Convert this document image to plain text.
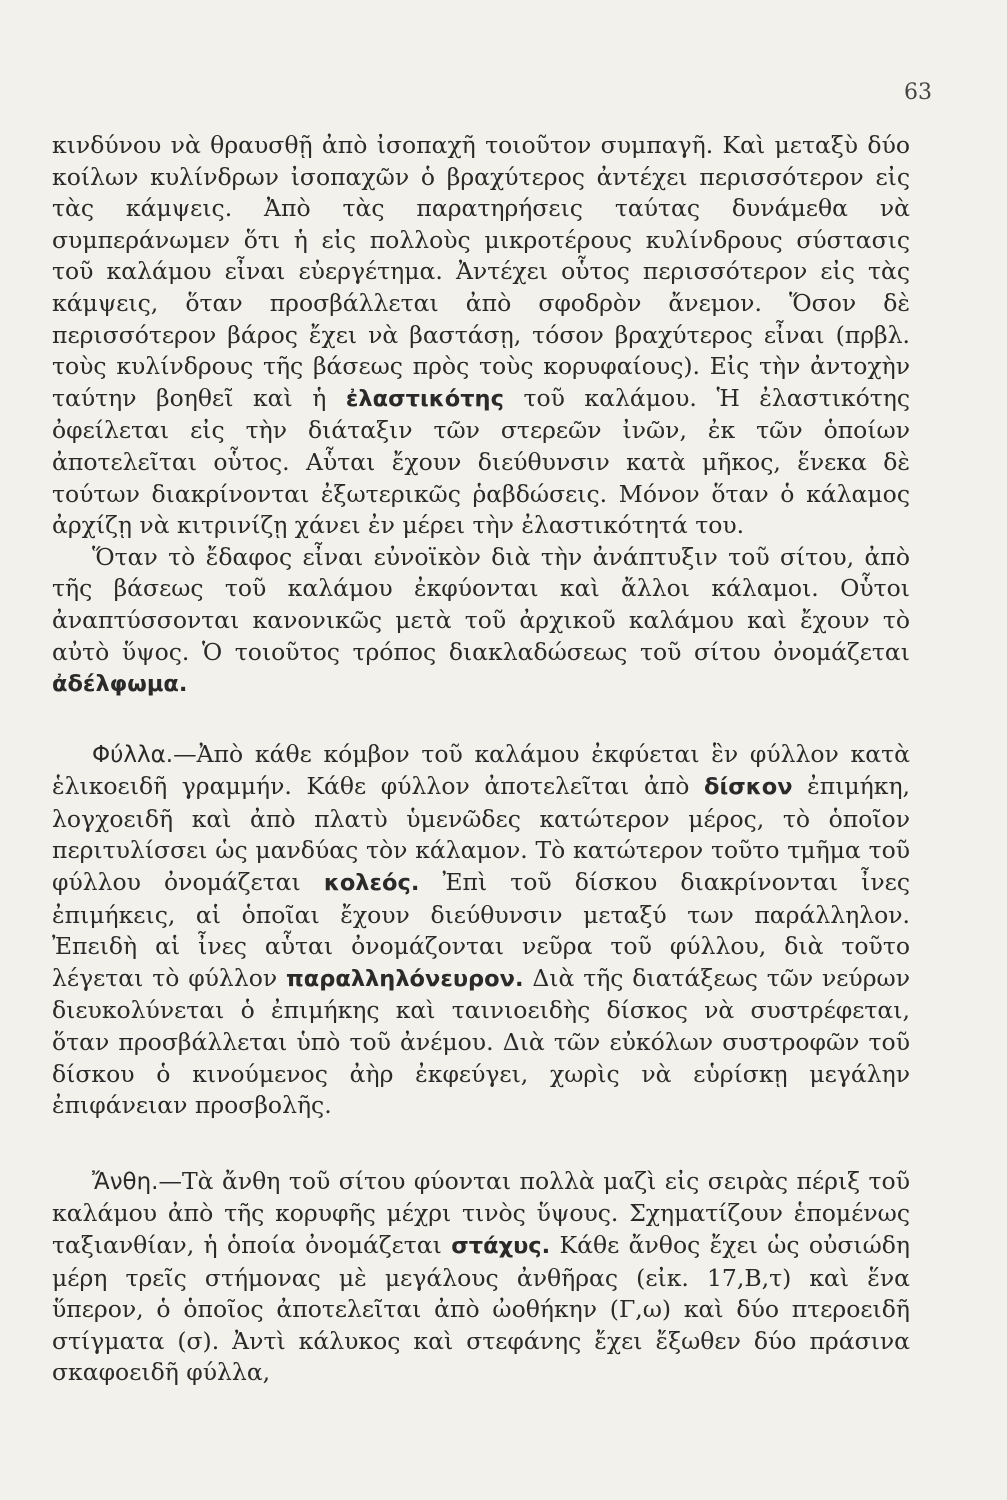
63

κινδύνου νὰ θραυσθῇ ἀπὸ ἰσοπαχῆ τοιοῦτον συμπαγῆ. Καὶ μεταξὺ δύο κοίλων κυλίνδρων ἰσοπαχῶν ὁ βραχύτερος ἀντέχει περισσότερον εἰς τὰς κάμψεις. Ἀπὸ τὰς παρατηρήσεις ταύτας δυνάμεθα νὰ συμπεράνωμεν ὅτι ἡ εἰς πολλοὺς μικροτέρους κυλίνδρους σύστασις τοῦ καλάμου εἶναι εὐεργέτημα. Ἀντέχει οὗτος περισσότερον εἰς τὰς κάμψεις, ὅταν προσβάλλεται ἀπὸ σφοδρὸν ἄνεμον. Ὅσον δὲ περισσότερον βάρος ἔχει νὰ βαστάσῃ, τόσον βραχύτερος εἶναι (πρβλ. τοὺς κυλίνδρους τῆς βάσεως πρὸς τοὺς κορυφαίους). Εἰς τὴν ἀντοχὴν ταύτην βοηθεῖ καὶ ἡ ἐλαστικότης τοῦ καλάμου. Ἡ ἐλαστικότης ὀφείλεται εἰς τὴν διάταξιν τῶν στερεῶν ἰνῶν, ἐκ τῶν ὁποίων ἀποτελεῖται οὗτος. Αὗται ἔχουν διεύθυνσιν κατὰ μῆκος, ἕνεκα δὲ τούτων διακρίνονται ἐξωτερικῶς ῥαβδώσεις. Μόνον ὅταν ὁ κάλαμος ἀρχίζῃ νὰ κιτρινίζῃ χάνει ἐν μέρει τὴν ἐλαστικότητά του.

Ὅταν τὸ ἔδαφος εἶναι εὐνοϊκὸν διὰ τὴν ἀνάπτυξιν τοῦ σίτου, ἀπὸ τῆς βάσεως τοῦ καλάμου ἐκφύονται καὶ ἄλλοι κάλαμοι. Οὗτοι ἀναπτύσσονται κανονικῶς μετὰ τοῦ ἀρχικοῦ καλάμου καὶ ἔχουν τὸ αὐτὸ ὕψος. Ὁ τοιοῦτος τρόπος διακλαδώσεως τοῦ σίτου ὀνομάζεται ἀδέλφωμα.

Φύλλα.—Ἀπὸ κάθε κόμβον τοῦ καλάμου ἐκφύεται ἓν φύλλον κατὰ ἑλικοειδῆ γραμμήν. Κάθε φύλλον ἀποτελεῖται ἀπὸ δίσκον ἐπιμήκη, λογχοειδῆ καὶ ἀπὸ πλατὺ ὑμενῶδες κατώτερον μέρος, τὸ ὁποῖον περιτυλίσσει ὡς μανδύας τὸν κάλαμον. Τὸ κατώτερον τοῦτο τμῆμα τοῦ φύλλου ὀνομάζεται κολεός. Ἐπὶ τοῦ δίσκου διακρίνονται ἶνες ἐπιμήκεις, αἱ ὁποῖαι ἔχουν διεύθυνσιν μεταξύ των παράλληλον. Ἐπειδὴ αἱ ἶνες αὗται ὀνομάζονται νεῦρα τοῦ φύλλου, διὰ τοῦτο λέγεται τὸ φύλλον παραλληλόνευρον. Διὰ τῆς διατάξεως τῶν νεύρων διευκολύνεται ὁ ἐπιμήκης καὶ ταινιοειδὴς δίσκος νὰ συστρέφεται, ὅταν προσβάλλεται ὑπὸ τοῦ ἀνέμου. Διὰ τῶν εὐκόλων συστροφῶν τοῦ δίσκου ὁ κινούμενος ἀὴρ ἐκφεύγει, χωρὶς νὰ εὑρίσκῃ μεγάλην ἐπιφάνειαν προσβολῆς.

Ἄνθη.—Τὰ ἄνθη τοῦ σίτου φύονται πολλὰ μαζὶ εἰς σειρὰς πέριξ τοῦ καλάμου ἀπὸ τῆς κορυφῆς μέχρι τινὸς ὕψους. Σχηματίζουν ἑπομένως ταξιανθίαν, ἡ ὁποία ὀνομάζεται στάχυς. Κάθε ἄνθος ἔχει ὡς οὐσιώδη μέρη τρεῖς στήμονας μὲ μεγάλους ἀνθῆρας (εἰκ. 17,Β,τ) καὶ ἕνα ὕπερον, ὁ ὁποῖος ἀποτελεῖται ἀπὸ ὠοθήκην (Γ,ω) καὶ δύο πτεροειδῆ στίγματα (σ). Ἀντὶ κάλυκος καὶ στεφάνης ἔχει ἔξωθεν δύο πράσινα σκαφοειδῆ φύλλα,
